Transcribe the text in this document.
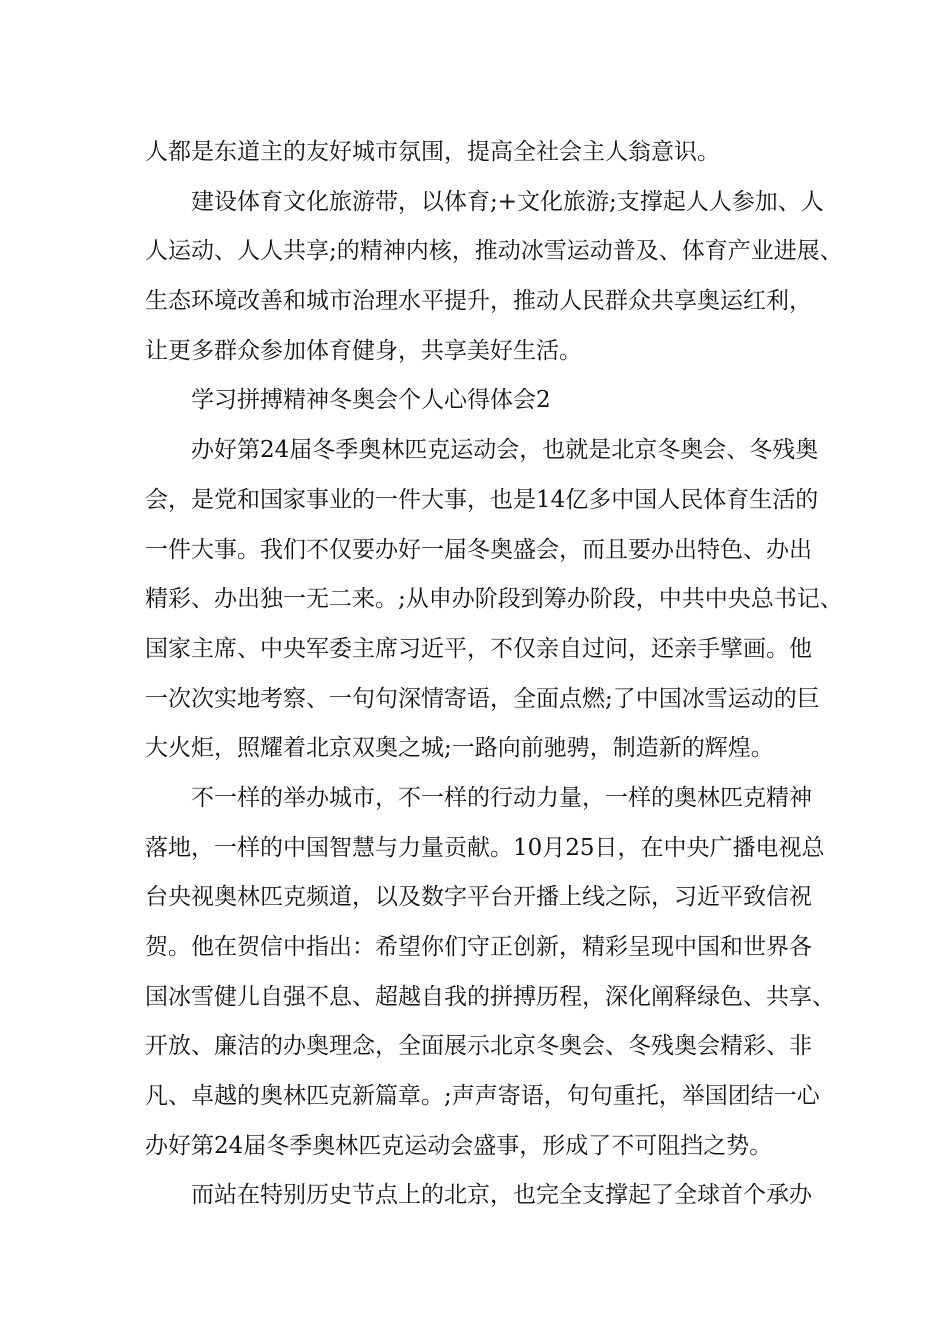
人都是东道主的友好城市氛围，提高全社会主人翁意识。
建设体育文化旅游带，以体育;+文化旅游;支撑起人人参加、人
人运动、人人共享;的精神内核，推动冰雪运动普及、体育产业进展、
生态环境改善和城市治理水平提升，推动人民群众共享奥运红利，
让更多群众参加体育健身，共享美好生活。
学习拼搏精神冬奥会个人心得体会2
办好第24届冬季奥林匹克运动会，也就是北京冬奥会、冬残奥
会，是党和国家事业的一件大事，也是14亿多中国人民体育生活的
一件大事。我们不仅要办好一届冬奥盛会，而且要办出特色、办出
精彩、办出独一无二来。;从申办阶段到筹办阶段，中共中央总书记、
国家主席、中央军委主席习近平，不仅亲自过问，还亲手擘画。他
一次次实地考察、一句句深情寄语，全面点燃;了中国冰雪运动的巨
大火炬，照耀着北京双奥之城;一路向前驰骋，制造新的辉煌。
不一样的举办城市，不一样的行动力量，一样的奥林匹克精神
落地，一样的中国智慧与力量贡献。10月25日，在中央广播电视总
台央视奥林匹克频道，以及数字平台开播上线之际，习近平致信祝
贺。他在贺信中指出：希望你们守正创新，精彩呈现中国和世界各
国冰雪健儿自强不息、超越自我的拼搏历程，深化阐释绿色、共享、
开放、廉洁的办奥理念，全面展示北京冬奥会、冬残奥会精彩、非
凡、卓越的奥林匹克新篇章。;声声寄语，句句重托，举国团结一心
办好第24届冬季奥林匹克运动会盛事，形成了不可阻挡之势。
而站在特别历史节点上的北京，也完全支撑起了全球首个承办
